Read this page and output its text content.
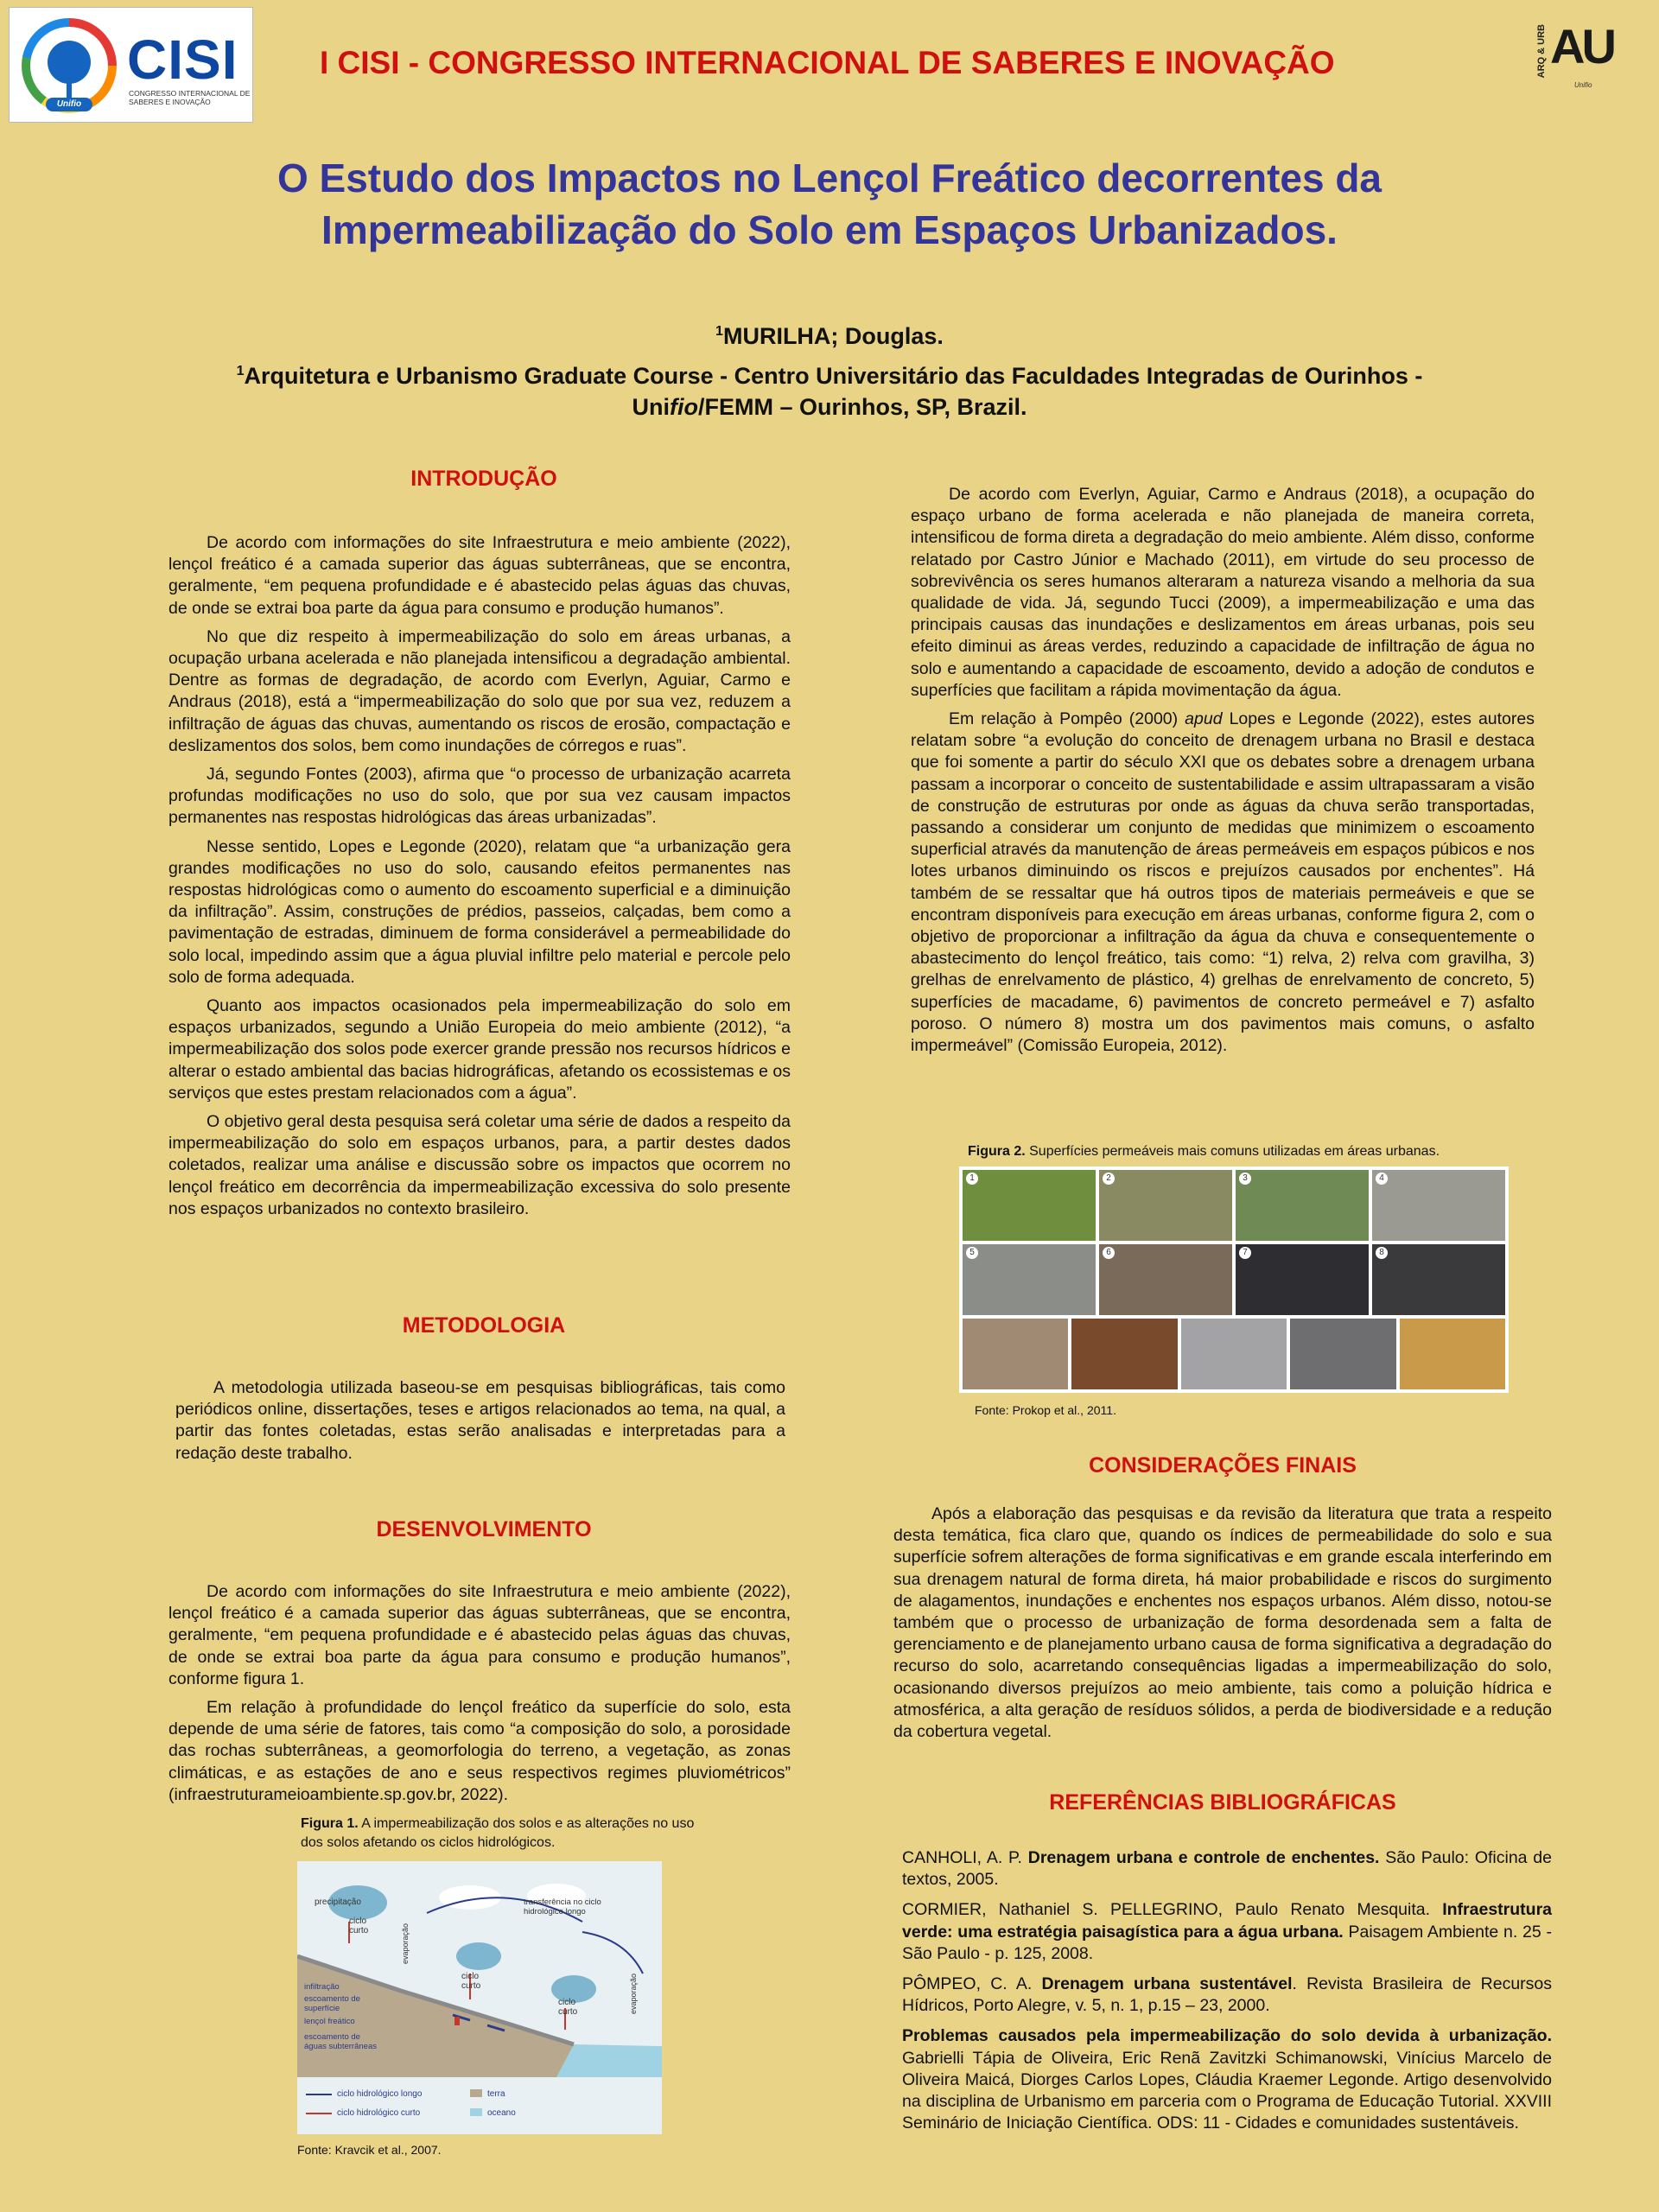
Unifio
CISI
CONGRESSO INTERNACIONAL DE SABERES E INOVAÇÃO
I CISI - CONGRESSO INTERNACIONAL DE SABERES E INOVAÇÃO	ARQ & URB AU
Unifio
O Estudo dos Impactos no Lençol Freático decorrentes da Impermeabilização do Solo em Espaços Urbanizados.
$^1$MURILHA; Douglas.
$^1$Arquitetura e Urbanismo Graduate Course - Centro Universitário das Faculdades Integradas de Ourinhos -
Unifio/FEMM – Ourinhos, SP, Brazil.
INTRODUÇÃO

De acordo com informações do site Infraestrutura e meio ambiente (2022), lençol freático é a camada superior das águas subterrâneas, que se encontra, geralmente, “em pequena profundidade e é abastecido pelas águas das chuvas, de onde se extrai boa parte da água para consumo e produção humanos”.

No que diz respeito à impermeabilização do solo em áreas urbanas, a ocupação urbana acelerada e não planejada intensificou a degradação ambiental. Dentre as formas de degradação, de acordo com Everlyn, Aguiar, Carmo e Andraus (2018), está a “impermeabilização do solo que por sua vez, reduzem a infiltração de águas das chuvas, aumentando os riscos de erosão, compactação e deslizamentos dos solos, bem como inundações de córregos e ruas”.

Já, segundo Fontes (2003), afirma que “o processo de urbanização acarreta profundas modificações no uso do solo, que por sua vez causam impactos permanentes nas respostas hidrológicas das áreas urbanizadas”.

Nesse sentido, Lopes e Legonde (2020), relatam que “a urbanização gera grandes modificações no uso do solo, causando efeitos permanentes nas respostas hidrológicas como o aumento do escoamento superficial e a diminuição da infiltração”. Assim, construções de prédios, passeios, calçadas, bem como a pavimentação de estradas, diminuem de forma considerável a permeabilidade do solo local, impedindo assim que a água pluvial infiltre pelo material e percole pelo solo de forma adequada.

Quanto aos impactos ocasionados pela impermeabilização do solo em espaços urbanizados, segundo a União Europeia do meio ambiente (2012), “a impermeabilização dos solos pode exercer grande pressão nos recursos hídricos e alterar o estado ambiental das bacias hidrográficas, afetando os ecossistemas e os serviços que estes prestam relacionados com a água”.

O objetivo geral desta pesquisa será coletar uma série de dados a respeito da impermeabilização do solo em espaços urbanos, para, a partir destes dados coletados, realizar uma análise e discussão sobre os impactos que ocorrem no lençol freático em decorrência da impermeabilização excessiva do solo presente nos espaços urbanizados no contexto brasileiro.

METODOLOGIA

A metodologia utilizada baseou-se em pesquisas bibliográficas, tais como periódicos online, dissertações, teses e artigos relacionados ao tema, na qual, a partir das fontes coletadas, estas serão analisadas e interpretadas para a redação deste trabalho.

DESENVOLVIMENTO

De acordo com informações do site Infraestrutura e meio ambiente (2022), lençol freático é a camada superior das águas subterrâneas, que se encontra, geralmente, “em pequena profundidade e é abastecido pelas águas das chuvas, de onde se extrai boa parte da água para consumo e produção humanos”, conforme figura 1.

Em relação à profundidade do lençol freático da superfície do solo, esta depende de uma série de fatores, tais como “a composição do solo, a porosidade das rochas subterrâneas, a geomorfologia do terreno, a vegetação, as zonas climáticas, e as estações de ano e seus respectivos regimes pluviométricos” (infraestruturameioambiente.sp.gov.br, 2022).

Figura 1. A impermeabilização dos solos e as alterações no uso dos solos afetando os ciclos hidrológicos.
precipitação
ciclo curto	evaporação
transferência no ciclo hidrológico longo
ciclo curto
ciclo curto	evaporação
infiltração
escoamento de superfície
lençol freático
escoamento de águas subterrâneas
ciclo hidrológico longo
ciclo hidrológico curto
terra
oceano
Fonte: Kravcik et al., 2007.

De acordo com Everlyn, Aguiar, Carmo e Andraus (2018), a ocupação do espaço urbano de forma acelerada e não planejada de maneira correta, intensificou de forma direta a degradação do meio ambiente. Além disso, conforme relatado por Castro Júnior e Machado (2011), em virtude do seu processo de sobrevivência os seres humanos alteraram a natureza visando a melhoria da sua qualidade de vida. Já, segundo Tucci (2009), a impermeabilização e uma das principais causas das inundações e deslizamentos em áreas urbanas, pois seu efeito diminui as áreas verdes, reduzindo a capacidade de infiltração de água no solo e aumentando a capacidade de escoamento, devido a adoção de condutos e superfícies que facilitam a rápida movimentação da água.

Em relação à Pompêo (2000) apud Lopes e Legonde (2022), estes autores relatam sobre “a evolução do conceito de drenagem urbana no Brasil e destaca que foi somente a partir do século XXI que os debates sobre a drenagem urbana passam a incorporar o conceito de sustentabilidade e assim ultrapassaram a visão de construção de estruturas por onde as águas da chuva serão transportadas, passando a considerar um conjunto de medidas que minimizem o escoamento superficial através da manutenção de áreas permeáveis em espaços púbicos e nos lotes urbanos diminuindo os riscos e prejuízos causados por enchentes”. Há também de se ressaltar que há outros tipos de materiais permeáveis e que se encontram disponíveis para execução em áreas urbanas, conforme figura 2, com o objetivo de proporcionar a infiltração da água da chuva e consequentemente o abastecimento do lençol freático, tais como: “1) relva, 2) relva com gravilha, 3) grelhas de enrelvamento de plástico, 4) grelhas de enrelvamento de concreto, 5) superfícies de macadame, 6) pavimentos de concreto permeável e 7) asfalto poroso. O número 8) mostra um dos pavimentos mais comuns, o asfalto impermeável” (Comissão Europeia, 2012).

Figura 2. Superfícies permeáveis mais comuns utilizadas em áreas urbanas.
1	2	3	4
5	6	7	8
Fonte: Prokop et al., 2011.
CONSIDERAÇÕES FINAIS

Após a elaboração das pesquisas e da revisão da literatura que trata a respeito desta temática, fica claro que, quando os índices de permeabilidade do solo e sua superfície sofrem alterações de forma significativas e em grande escala interferindo em sua drenagem natural de forma direta, há maior probabilidade e riscos do surgimento de alagamentos, inundações e enchentes nos espaços urbanos. Além disso, notou-se também que o processo de urbanização de forma desordenada sem a falta de gerenciamento e de planejamento urbano causa de forma significativa a degradação do recurso do solo, acarretando consequências ligadas a impermeabilização do solo, ocasionando diversos prejuízos ao meio ambiente, tais como a poluição hídrica e atmosférica, a alta geração de resíduos sólidos, a perda de biodiversidade e a redução da cobertura vegetal.

REFERÊNCIAS BIBLIOGRÁFICAS

CANHOLI, A. P. Drenagem urbana e controle de enchentes. São Paulo: Oficina de textos, 2005.

CORMIER, Nathaniel S. PELLEGRINO, Paulo Renato Mesquita. Infraestrutura verde: uma estratégia paisagística para a água urbana. Paisagem Ambiente n. 25 - São Paulo - p. 125, 2008.

PÔMPEO, C. A. Drenagem urbana sustentável. Revista Brasileira de Recursos Hídricos, Porto Alegre, v. 5, n. 1, p.15 – 23, 2000.

Problemas causados pela impermeabilização do solo devida à urbanização. Gabrielli Tápia de Oliveira, Eric Renã Zavitzki Schimanowski, Vinícius Marcelo de Oliveira Maicá, Diorges Carlos Lopes, Cláudia Kraemer Legonde. Artigo desenvolvido na disciplina de Urbanismo em parceria com o Programa de Educação Tutorial. XXVIII Seminário de Iniciação Científica. ODS: 11 - Cidades e comunidades sustentáveis.
